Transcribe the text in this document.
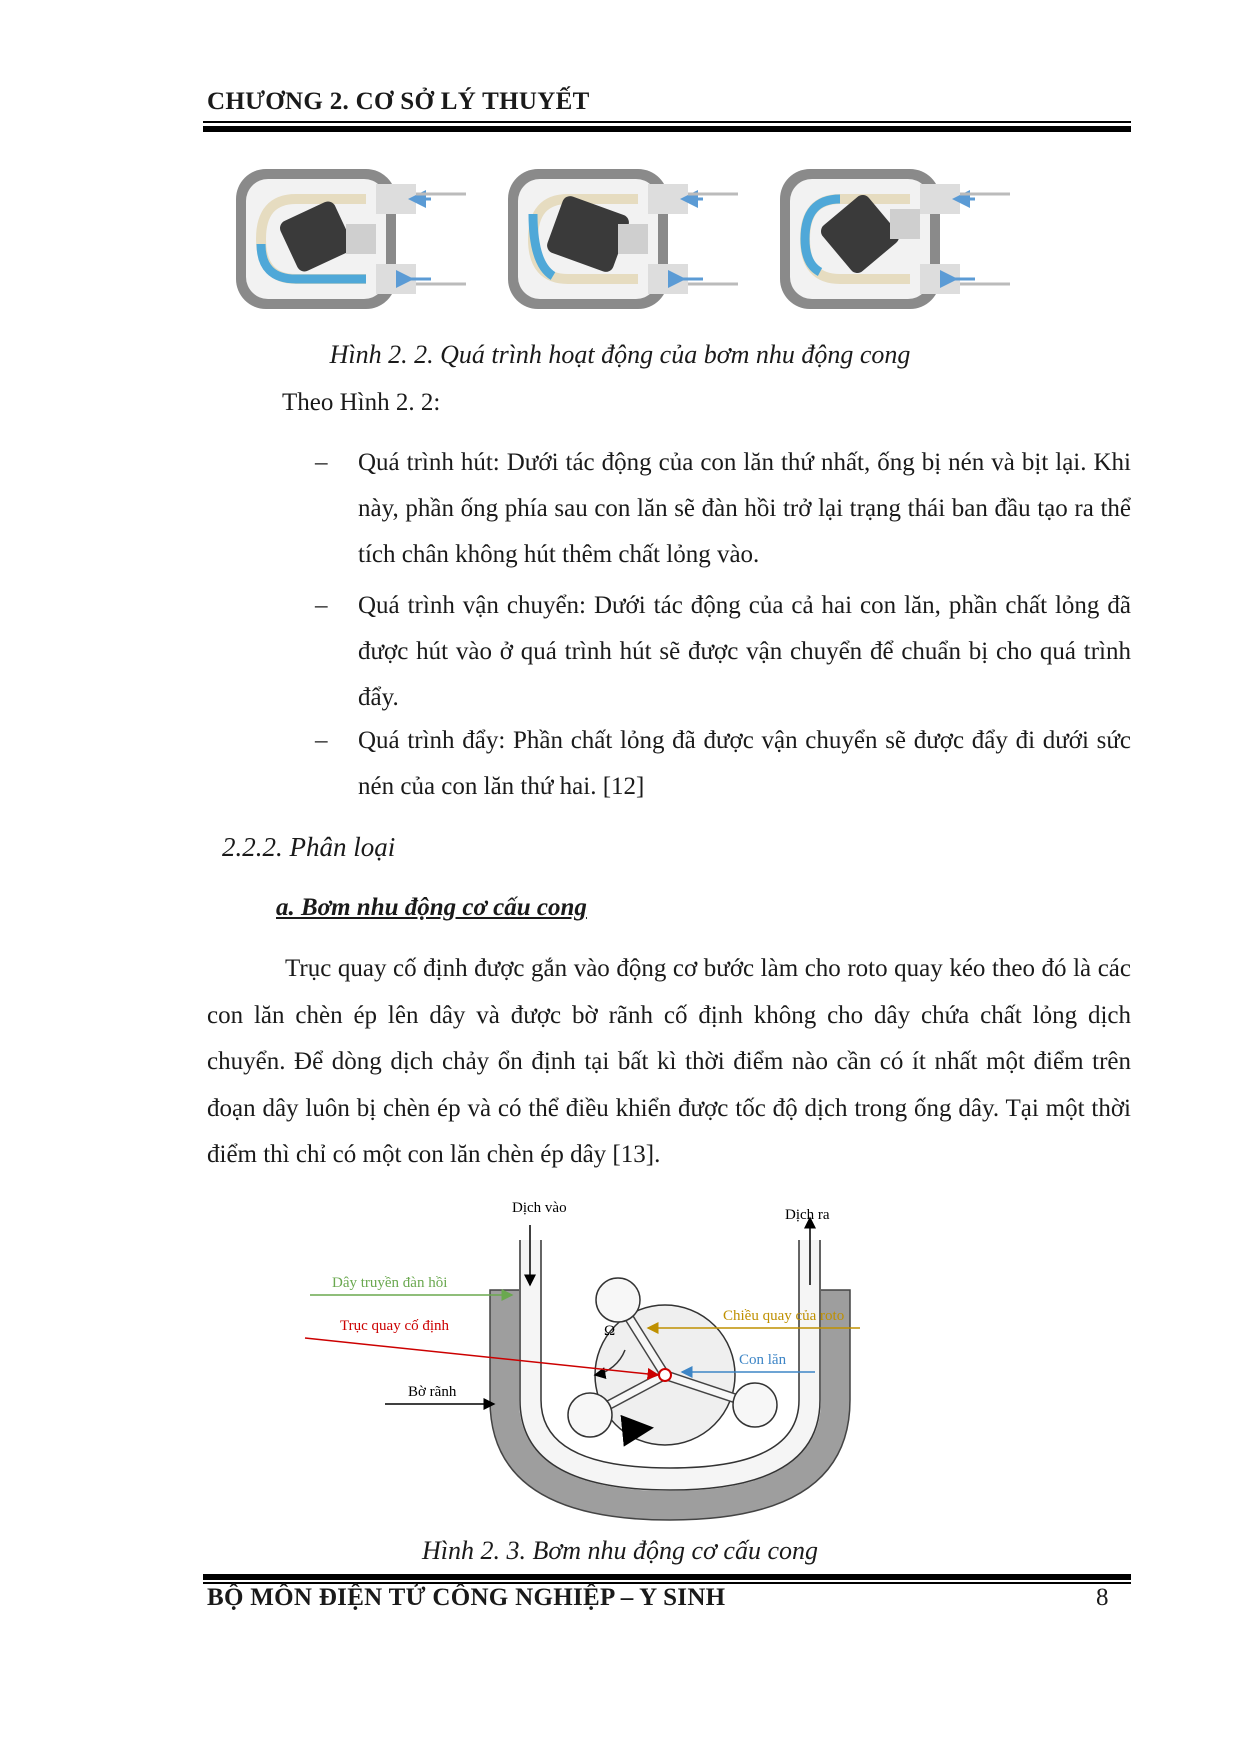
CHƯƠNG 2. CƠ SỞ LÝ THUYẾT
Hình 2. 2. Quá trình hoạt động của bơm nhu động cong
Theo Hình 2. 2:
– Quá trình hút: Dưới tác động của con lăn thứ nhất, ống bị nén và bịt lại. Khi này, phần ống phía sau con lăn sẽ đàn hồi trở lại trạng thái ban đầu tạo ra thể tích chân không hút thêm chất lỏng vào.
– Quá trình vận chuyển: Dưới tác động của cả hai con lăn, phần chất lỏng đã được hút vào ở quá trình hút sẽ được vận chuyển để chuẩn bị cho quá trình đẩy.
– Quá trình đẩy: Phần chất lỏng đã được vận chuyển sẽ được đẩy đi dưới sức nén của con lăn thứ hai. [12]
2.2.2. Phân loại
a. Bơm nhu động cơ cấu cong
Trục quay cố định được gắn vào động cơ bước làm cho roto quay kéo theo đó là các con lăn chèn ép lên dây và được bờ rãnh cố định không cho dây chứa chất lỏng dịch chuyển. Để dòng dịch chảy ổn định tại bất kì thời điểm nào cần có ít nhất một điểm trên đoạn dây luôn bị chèn ép và có thể điều khiển được tốc độ dịch trong ống dây. Tại một thời điểm thì chỉ có một con lăn chèn ép dây [13].
Dịch vào	Dịch ra
Ω
Dây truyền đàn hồi
Trục quay cố định
Bờ rãnh
Chiều quay của roto
Con lăn
Hình 2. 3. Bơm nhu động cơ cấu cong
BỘ MÔN ĐIỆN TỬ CÔNG NGHIỆP – Y SINH	8
